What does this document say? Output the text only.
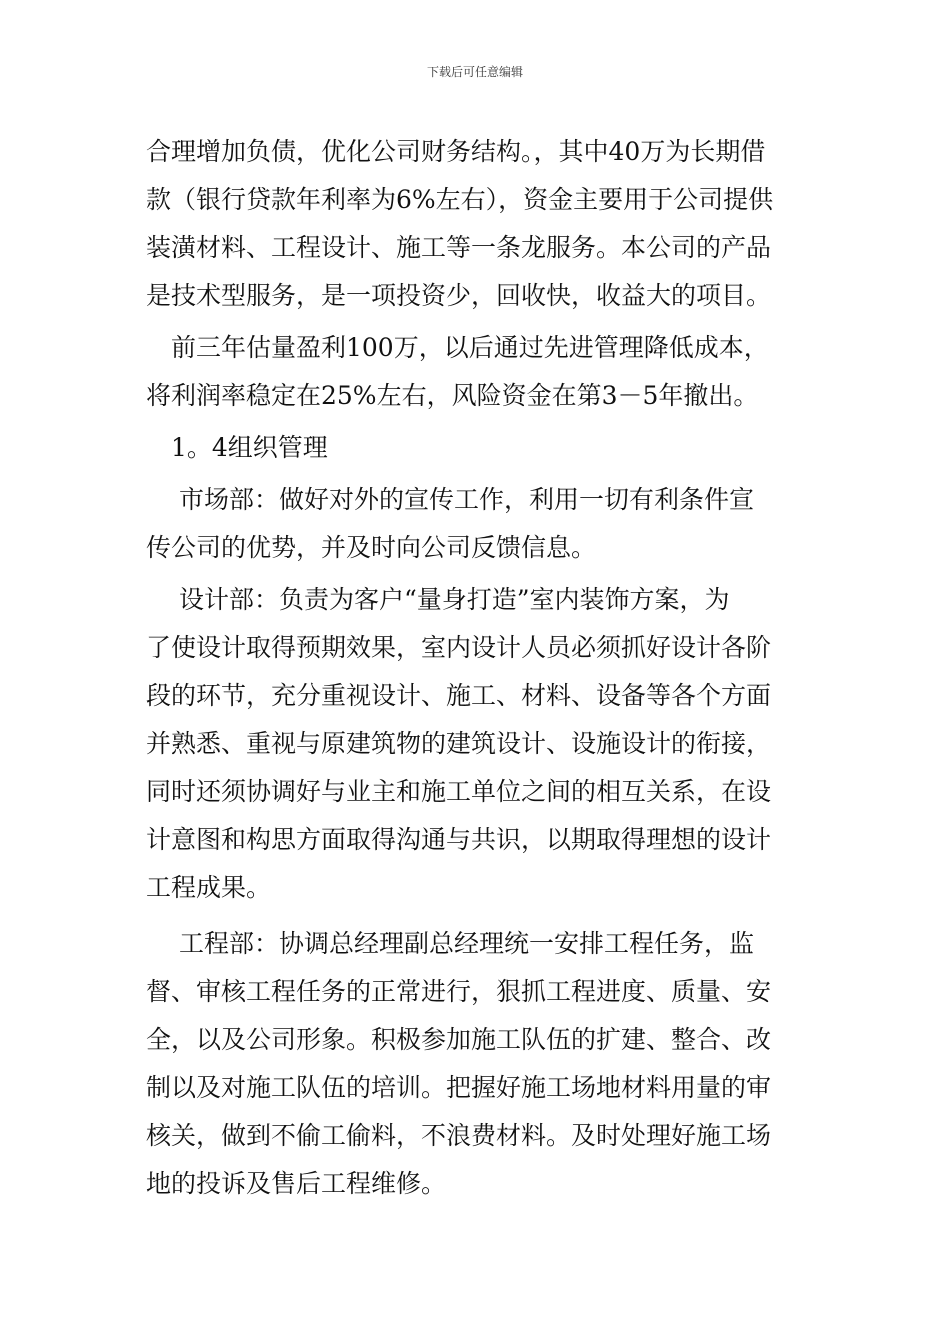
下载后可任意编辑
合理增加负债，优化公司财务结构。，其中40万为长期借
款（银行贷款年利率为6%左右），资金主要用于公司提供
装潢材料、工程设计、施工等一条龙服务。本公司的产品
是技术型服务，是一项投资少，回收快，收益大的项目。
　前三年估量盈利100万，以后通过先进管理降低成本，
将利润率稳定在25%左右，风险资金在第3－5年撤出。
　1。4组织管理
　 市场部：做好对外的宣传工作，利用一切有利条件宣
传公司的优势，并及时向公司反馈信息。
　 设计部：负责为客户“量身打造”室内装饰方案，为
了使设计取得预期效果，室内设计人员必须抓好设计各阶
段的环节，充分重视设计、施工、材料、设备等各个方面
并熟悉、重视与原建筑物的建筑设计、设施设计的衔接，
同时还须协调好与业主和施工单位之间的相互关系，在设
计意图和构思方面取得沟通与共识，以期取得理想的设计
工程成果。
　 工程部：协调总经理副总经理统一安排工程任务，监
督、审核工程任务的正常进行，狠抓工程进度、质量、安
全，以及公司形象。积极参加施工队伍的扩建、整合、改
制以及对施工队伍的培训。把握好施工场地材料用量的审
核关，做到不偷工偷料，不浪费材料。及时处理好施工场
地的投诉及售后工程维修。
